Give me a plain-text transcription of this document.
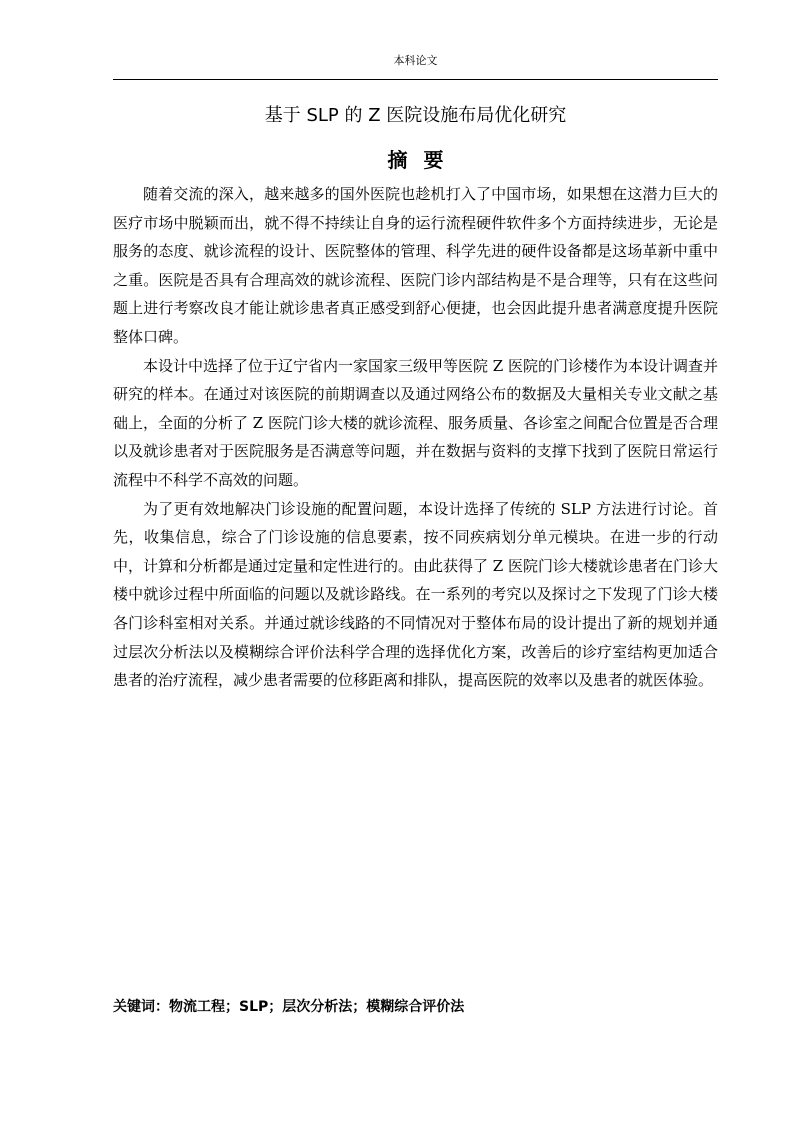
本科论文
基于 SLP 的 Z 医院设施布局优化研究
摘要

随着交流的深入，越来越多的国外医院也趁机打入了中国市场，如果想在这潜力巨大的医疗市场中脱颖而出，就不得不持续让自身的运行流程硬件软件多个方面持续进步，无论是服务的态度、就诊流程的设计、医院整体的管理、科学先进的硬件设备都是这场革新中重中之重。医院是否具有合理高效的就诊流程、医院门诊内部结构是不是合理等，只有在这些问题上进行考察改良才能让就诊患者真正感受到舒心便捷，也会因此提升患者满意度提升医院整体口碑。

本设计中选择了位于辽宁省内一家国家三级甲等医院 Z 医院的门诊楼作为本设计调查并研究的样本。在通过对该医院的前期调查以及通过网络公布的数据及大量相关专业文献之基础上，全面的分析了 Z 医院门诊大楼的就诊流程、服务质量、各诊室之间配合位置是否合理以及就诊患者对于医院服务是否满意等问题，并在数据与资料的支撑下找到了医院日常运行流程中不科学不高效的问题。

为了更有效地解决门诊设施的配置问题，本设计选择了传统的 SLP 方法进行讨论。首先，收集信息，综合了门诊设施的信息要素，按不同疾病划分单元模块。在进一步的行动中，计算和分析都是通过定量和定性进行的。由此获得了 Z 医院门诊大楼就诊患者在门诊大楼中就诊过程中所面临的问题以及就诊路线。在一系列的考究以及探讨之下发现了门诊大楼各门诊科室相对关系。并通过就诊线路的不同情况对于整体布局的设计提出了新的规划并通过层次分析法以及模糊综合评价法科学合理的选择优化方案，改善后的诊疗室结构更加适合患者的治疗流程，减少患者需要的位移距离和排队，提高医院的效率以及患者的就医体验。

关键词：物流工程；SLP；层次分析法；模糊综合评价法
